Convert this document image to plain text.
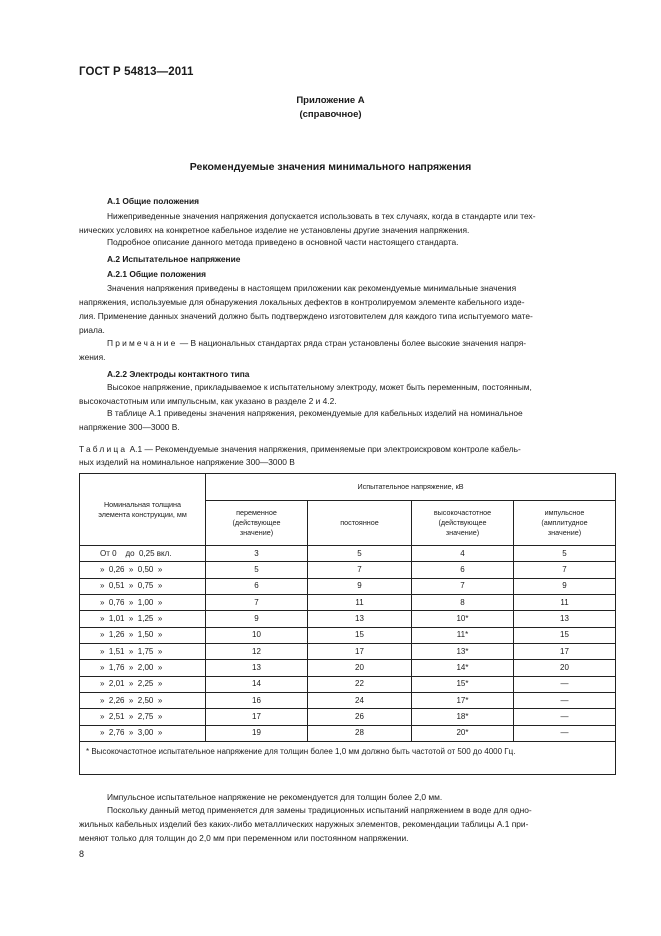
ГОСТ Р 54813—2011
Приложение А
(справочное)
Рекомендуемые значения минимального напряжения
А.1 Общие положения
Нижеприведенные значения напряжения допускается использовать в тех случаях, когда в стандарте или тех-
нических условиях на конкретное кабельное изделие не установлены другие значения напряжения.
Подробное описание данного метода приведено в основной части настоящего стандарта.
А.2 Испытательное напряжение
А.2.1 Общие положения
Значения напряжения приведены в настоящем приложении как рекомендуемые минимальные значения
напряжения, используемые для обнаружения локальных дефектов в контролируемом элементе кабельного изде-
лия. Применение данных значений должно быть подтверждено изготовителем для каждого типа испытуемого мате-
риала.
Примечание — В национальных стандартах ряда стран установлены более высокие значения напря-
жения.
А.2.2 Электроды контактного типа
Высокое напряжение, прикладываемое к испытательному электроду, может быть переменным, постоянным,
высокочастотным или импульсным, как указано в разделе 2 и 4.2.
В таблице А.1 приведены значения напряжения, рекомендуемые для кабельных изделий на номинальное
напряжение 300—3000 В.
Таблица А.1 — Рекомендуемые значения напряжения, применяемые при электроискровом контроле кабель-
ных изделий на номинальное напряжение 300—3000 В
Номинальная толщина элемента конструкции, мм	Испытательное напряжение, кВ			
	переменное (действующее значение)	постоянное	высокочастотное (действующее значение)	импульсное (амплитудное значение)
От 0    до  0,25 вкл.	3	5	4	5
»  0,26  »  0,50  »	5	7	6	7
»  0,51  »  0,75  »	6	9	7	9
»  0,76  »  1,00  »	7	11	8	11
»  1,01  »  1,25  »	9	13	10*	13
»  1,26  »  1,50  »	10	15	11*	15
»  1,51  »  1,75  »	12	17	13*	17
»  1,76  »  2,00  »	13	20	14*	20
»  2,01  »  2,25  »	14	22	15*	—
»  2,26  »  2,50  »	16	24	17*	—
»  2,51  »  2,75  »	17	26	18*	—
»  2,76  »  3,00  »	19	28	20*	—
* Высокочастотное испытательное напряжение для толщин более 1,0 мм должно быть частотой от 500 до 4000 Гц.				
Импульсное испытательное напряжение не рекомендуется для толщин более 2,0 мм.
Поскольку данный метод применяется для замены традиционных испытаний напряжением в воде для одно-
жильных кабельных изделий без каких-либо металлических наружных элементов, рекомендации таблицы А.1 при-
меняют только для толщин до 2,0 мм при переменном или постоянном напряжении.
8
